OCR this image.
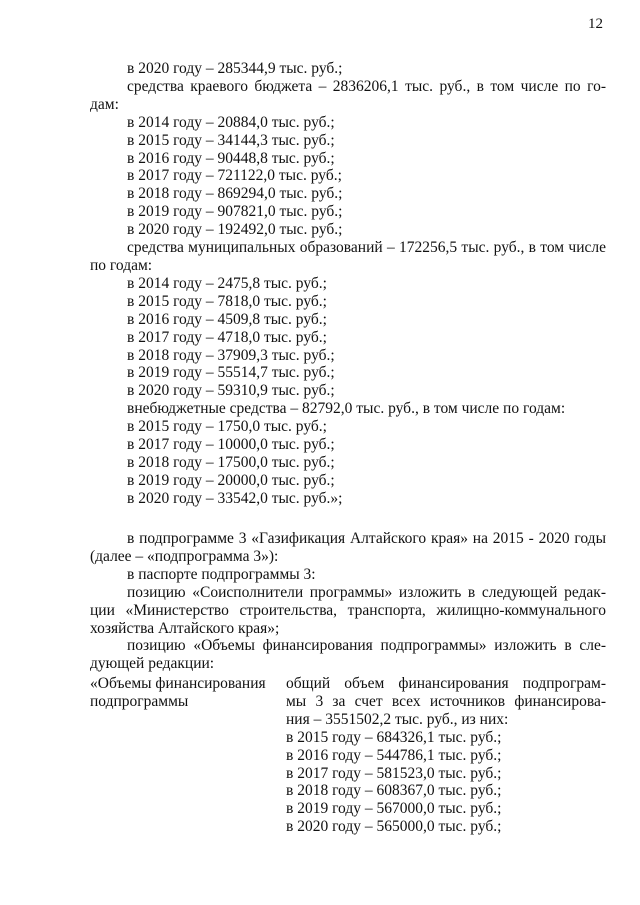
12
в 2020 году – 285344,9 тыс. руб.;
средства краевого бюджета – 2836206,1 тыс. руб., в том числе по го-
дам:
в 2014 году – 20884,0 тыс. руб.;
в 2015 году – 34144,3 тыс. руб.;
в 2016 году – 90448,8 тыс. руб.;
в 2017 году – 721122,0 тыс. руб.;
в 2018 году – 869294,0 тыс. руб.;
в 2019 году – 907821,0 тыс. руб.;
в 2020 году – 192492,0 тыс. руб.;
средства муниципальных образований – 172256,5 тыс. руб., в том числе
по годам:
в 2014 году – 2475,8 тыс. руб.;
в 2015 году – 7818,0 тыс. руб.;
в 2016 году – 4509,8 тыс. руб.;
в 2017 году – 4718,0 тыс. руб.;
в 2018 году – 37909,3 тыс. руб.;
в 2019 году – 55514,7 тыс. руб.;
в 2020 году – 59310,9 тыс. руб.;
внебюджетные средства – 82792,0 тыс. руб., в том числе по годам:
в 2015 году – 1750,0 тыс. руб.;
в 2017 году – 10000,0 тыс. руб.;
в 2018 году – 17500,0 тыс. руб.;
в 2019 году – 20000,0 тыс. руб.;
в 2020 году – 33542,0 тыс. руб.»;
в подпрограмме 3 «Газификация Алтайского края» на 2015 - 2020 годы
(далее – «подпрограмма 3»):
в паспорте подпрограммы 3:
позицию «Соисполнители программы» изложить в следующей редак-
ции «Министерство строительства, транспорта, жилищно-коммунального
хозяйства Алтайского края»;
позицию «Объемы финансирования подпрограммы» изложить в сле-
дующей редакции:
«Объемы финансирования
подпрограммы
общий объем финансирования подпрограм-
мы 3 за счет всех источников финансирова-
ния – 3551502,2 тыс. руб., из них:
в 2015 году – 684326,1 тыс. руб.;
в 2016 году – 544786,1 тыс. руб.;
в 2017 году – 581523,0 тыс. руб.;
в 2018 году – 608367,0 тыс. руб.;
в 2019 году – 567000,0 тыс. руб.;
в 2020 году – 565000,0 тыс. руб.;
